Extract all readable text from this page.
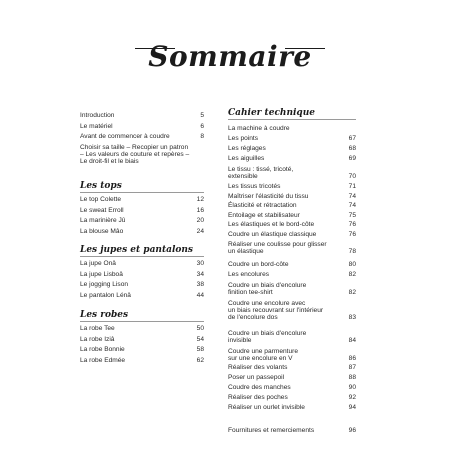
Sommaire
Introduction	5
Le matériel	6
Avant de commencer à coudre	8
Choisir sa taille – Recopier un patron
– Les valeurs de couture et repères –
Le droit-fil et le biais
Les tops
Le top Colette	12
Le sweat Erroll	16
La marinière Jû	20
La blouse Mâo	24
Les jupes et pantalons
La jupe Onâ	30
La jupe Lisboâ	34
Le jogging Lison	38
Le pantalon Lénâ	44
Les robes
La robe Tee	50
La robe Iziâ	54
La robe Bonnie	58
La robe Edmée	62
Cahier technique
La machine à coudre
Les points	67
Les réglages	68
Les aiguilles	69
Le tissu : tissé, tricoté,
extensible	70
Les tissus tricotés	71
Maîtriser l'élasticité du tissu	74
Élasticité et rétractation	74
Entoilage et stabilisateur	75
Les élastiques et le bord-côte	76
Coudre un élastique classique	76
Réaliser une coulisse pour glisser
un élastique	78
Coudre un bord-côte	80
Les encolures	82
Coudre un biais d'encolure
finition tee-shirt	82
Coudre une encolure avec
un biais recouvrant sur l'intérieur
de l'encolure dos	83
Coudre un biais d'encolure
invisible	84
Coudre une parmenture
sur une encolure en V	86
Réaliser des volants	87
Poser un passepoil	88
Coudre des manches	90
Réaliser des poches	92
Réaliser un ourlet invisible	94
Fournitures et remerciements	96
